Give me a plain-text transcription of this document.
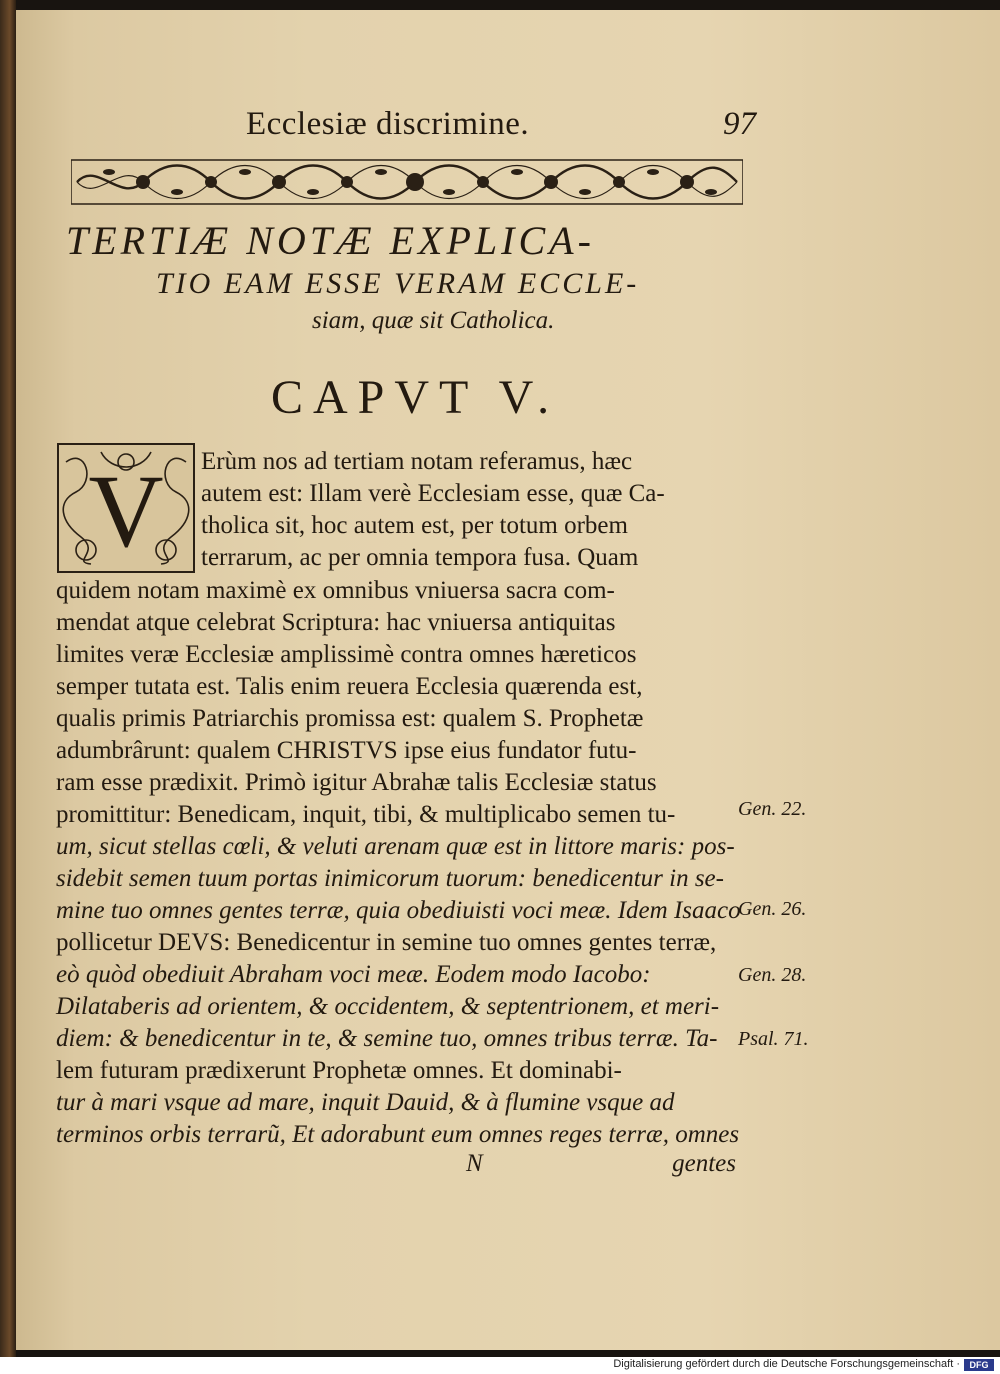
Ecclesiæ discrimine.	97
TERTIÆ NOTÆ EXPLICA-
TIO EAM ESSE VERAM ECCLE-
siam, quæ sit Catholica.
CAPVT V.
V Erùm nos ad tertiam notam referamus, hæc
autem est: Illam verè Ecclesiam esse, quæ Ca-
tholica sit, hoc autem est, per totum orbem
terrarum, ac per omnia tempora fusa. Quam
quidem notam maximè ex omnibus vniuersa sacra com-
mendat atque celebrat Scriptura: hac vniuersa antiquitas
limites veræ Ecclesiæ amplissimè contra omnes hæreticos
semper tutata est. Talis enim reuera Ecclesia quærenda est,
qualis primis Patriarchis promissa est: qualem S. Prophetæ
adumbrârunt: qualem CHRISTVS ipse eius fundator futu-
ram esse prædixit. Primò igitur Abrahæ talis Ecclesiæ status
promittitur: Benedicam, inquit, tibi, & multiplicabo semen tu-
um, sicut stellas cœli, & veluti arenam quæ est in littore maris: pos-
sidebit semen tuum portas inimicorum tuorum: benedicentur in se-
mine tuo omnes gentes terræ, quia obediuisti voci meæ. Idem Isaaco
pollicetur DEVS: Benedicentur in semine tuo omnes gentes terræ,
eò quòd obediuit Abraham voci meæ. Eodem modo Iacobo:
Dilataberis ad orientem, & occidentem, & septentrionem, et meri-
diem: & benedicentur in te, & semine tuo, omnes tribus terræ. Ta-
lem futuram prædixerunt Prophetæ omnes. Et dominabi-
tur à mari vsque ad mare, inquit Dauid, & à flumine vsque ad
terminos orbis terrarũ, Et adorabunt eum omnes reges terræ, omnes
Gen. 22.
Gen. 26.
Gen. 28.
Psal. 71.
N	gentes
Digitalisierung gefördert durch die Deutsche Forschungsgemeinschaft ·	DFG
